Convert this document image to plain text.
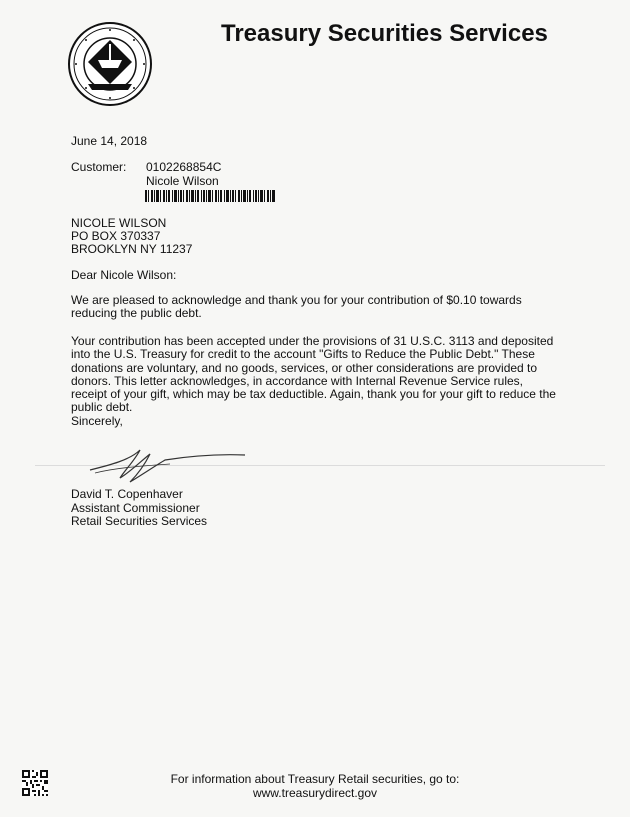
Treasury Securities Services
June 14, 2018
Customer: 0102268854C
Nicole Wilson
NICOLE WILSON
PO BOX 370337
BROOKLYN NY 11237
Dear Nicole Wilson:
We are pleased to acknowledge and thank you for your contribution of $0.10 towards reducing the public debt.
Your contribution has been accepted under the provisions of 31 U.S.C. 3113 and deposited into the U.S. Treasury for credit to the account "Gifts to Reduce the Public Debt." These donations are voluntary, and no goods, services, or other considerations are provided to donors. This letter acknowledges, in accordance with Internal Revenue Service rules, receipt of your gift, which may be tax deductible. Again, thank you for your gift to reduce the public debt.
Sincerely,
David T. Copenhaver
Assistant Commissioner
Retail Securities Services
For information about Treasury Retail securities, go to:
www.treasurydirect.gov
